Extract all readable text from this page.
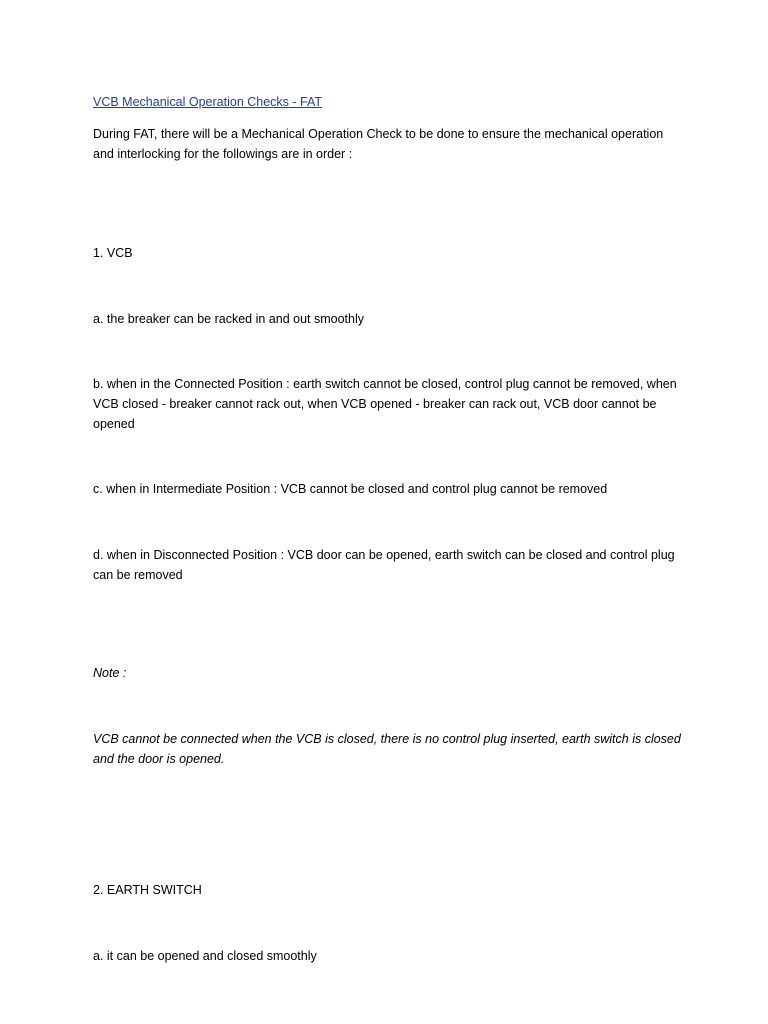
VCB Mechanical Operation Checks - FAT
During FAT, there will be a Mechanical Operation Check to be done to ensure the mechanical operation and interlocking for the followings are in order :
1. VCB
a. the breaker can be racked in and out smoothly
b. when in the Connected Position : earth switch cannot be closed, control plug cannot be removed, when VCB closed - breaker cannot rack out, when VCB opened - breaker can rack out, VCB door cannot be opened
c. when in Intermediate Position : VCB cannot be closed and control plug cannot be removed
d. when in Disconnected Position : VCB door can be opened, earth switch can be closed and control plug can be removed
Note :
VCB cannot be connected when the VCB is closed, there is no control plug inserted, earth switch is closed and the door is opened.
2. EARTH SWITCH
a. it can be opened and closed smoothly
